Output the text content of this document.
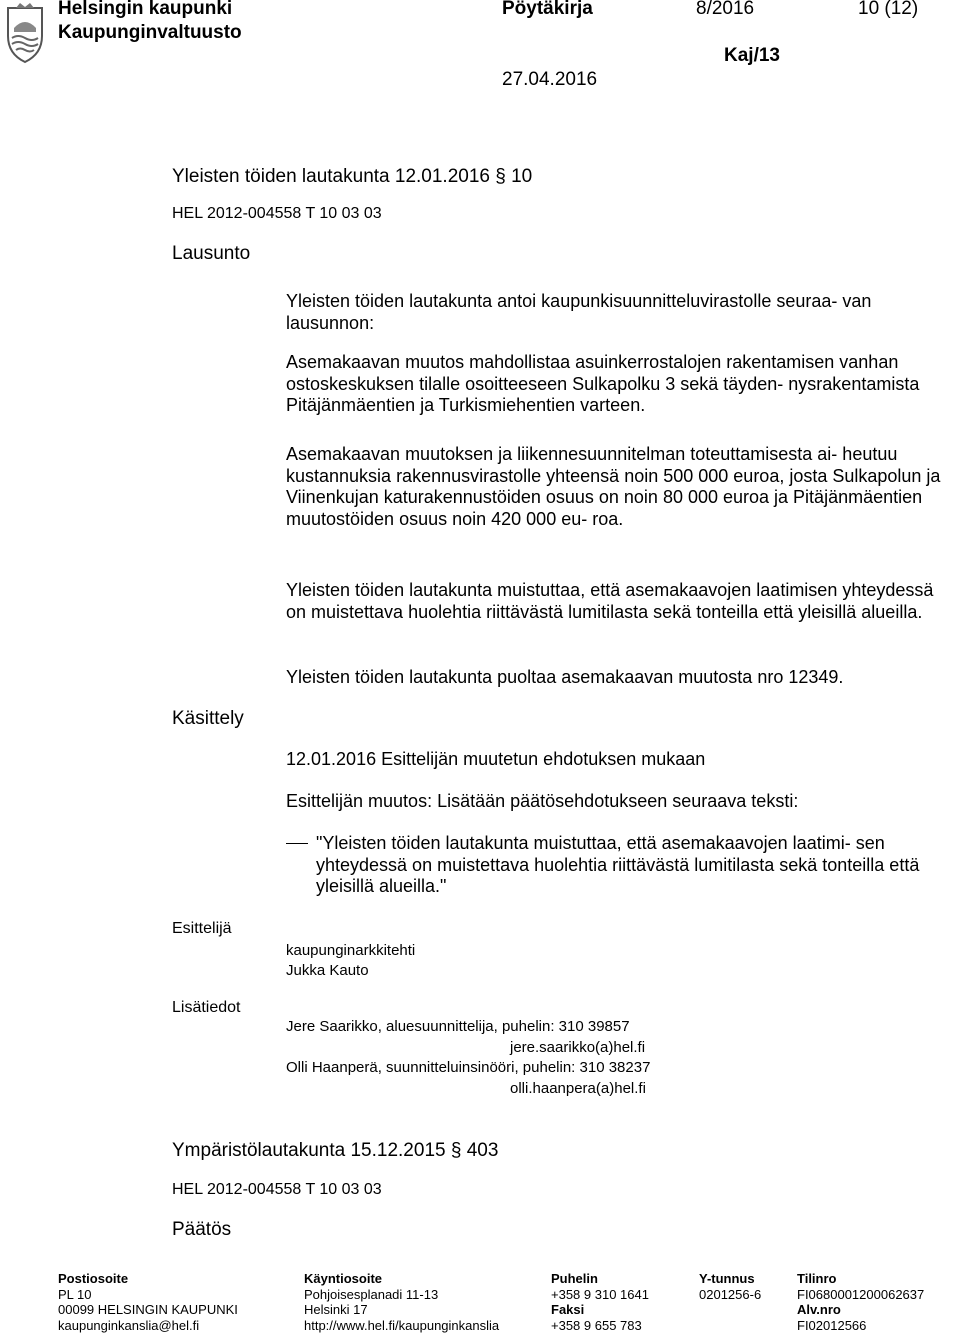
Helsingin kaupunki
Kaupunginvaltuusto
Pöytäkirja	8/2016	10 (12)
Kaj/13
27.04.2016
Yleisten töiden lautakunta 12.01.2016 § 10
HEL 2012-004558 T 10 03 03
Lausunto

Yleisten töiden lautakunta antoi kaupunkisuunnitteluvirastolle seuraa- van lausunnon:

Asemakaavan muutos mahdollistaa asuinkerrostalojen rakentamisen vanhan ostoskeskuksen tilalle osoitteeseen Sulkapolku 3 sekä täyden- nysrakentamista Pitäjänmäentien ja Turkismiehentien varteen.

Asemakaavan muutoksen ja liikennesuunnitelman toteuttamisesta ai- heutuu kustannuksia rakennusvirastolle yhteensä noin 500 000 euroa, josta Sulkapolun ja Viinenkujan katurakennustöiden osuus on noin 80 000 euroa ja Pitäjänmäentien muutostöiden osuus noin 420 000 eu- roa.

Yleisten töiden lautakunta muistuttaa, että asemakaavojen laatimisen yhteydessä on muistettava huolehtia riittävästä lumitilasta sekä tonteilla että yleisillä alueilla.

Yleisten töiden lautakunta puoltaa asemakaavan muutosta nro 12349.

Käsittely
12.01.2016 Esittelijän muutetun ehdotuksen mukaan
Esittelijän muutos: Lisätään päätösehdotukseen seuraava teksti:

"Yleisten töiden lautakunta muistuttaa, että asemakaavojen laatimi- sen yhteydessä on muistettava huolehtia riittävästä lumitilasta sekä tonteilla että yleisillä alueilla."

Esittelijä
kaupunginarkkitehti
Jukka Kauto
Lisätiedot
Jere Saarikko, aluesuunnittelija, puhelin: 310 39857
jere.saarikko(a)hel.fi
Olli Haanperä, suunnitteluinsinööri, puhelin: 310 38237
olli.haanpera(a)hel.fi
Ympäristölautakunta 15.12.2015 § 403
HEL 2012-004558 T 10 03 03
Päätös
Postiosoite
PL 10
00099 HELSINGIN KAUPUNKI
kaupunginkanslia@hel.fi
Käyntiosoite
Pohjoisesplanadi 11-13
Helsinki 17
http://www.hel.fi/kaupunginkanslia
Puhelin
+358 9 310 1641
Faksi
+358 9 655 783
Y-tunnus
0201256-6
Tilinro
FI0680001200062637
Alv.nro
FI02012566
